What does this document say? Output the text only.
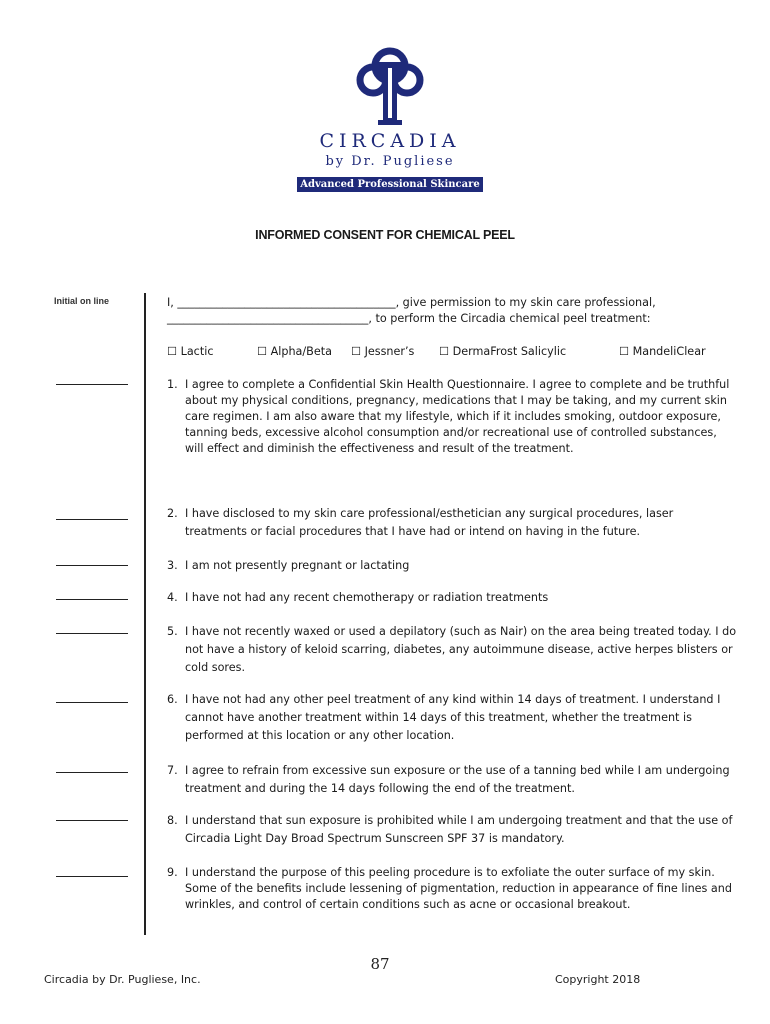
CIRCADIA
by Dr. Pugliese
Advanced Professional Skincare
INFORMED CONSENT FOR CHEMICAL PEEL
Initial on line	I, _______________________________________, give permission to my skin care professional,
____________________________________, to perform the Circadia chemical peel treatment:
☐ Lactic	☐ Alpha/Beta ☐ Jessner’s ☐ DermaFrost Salicylic	☐ MandeliClear
1. I agree to complete a Confidential Skin Health Questionnaire. I agree to complete and be truthful about my physical conditions, pregnancy, medications that I may be taking, and my current skin care regimen. I am also aware that my lifestyle, which if it includes smoking, outdoor exposure, tanning beds, excessive alcohol consumption and/or recreational use of controlled substances, will effect and diminish the effectiveness and result of the treatment.
2. I have disclosed to my skin care professional/esthetician any surgical procedures, laser treatments or facial procedures that I have had or intend on having in the future.
3. I am not presently pregnant or lactating
4. I have not had any recent chemotherapy or radiation treatments
5. I have not recently waxed or used a depilatory (such as Nair) on the area being treated today. I do not have a history of keloid scarring, diabetes, any autoimmune disease, active herpes blisters or cold sores.
6. I have not had any other peel treatment of any kind within 14 days of treatment. I understand I cannot have another treatment within 14 days of this treatment, whether the treatment is performed at this location or any other location.
7. I agree to refrain from excessive sun exposure or the use of a tanning bed while I am undergoing treatment and during the 14 days following the end of the treatment.
8. I understand that sun exposure is prohibited while I am undergoing treatment and that the use of Circadia Light Day Broad Spectrum Sunscreen SPF 37 is mandatory.
9. I understand the purpose of this peeling procedure is to exfoliate the outer surface of my skin. Some of the benefits include lessening of pigmentation, reduction in appearance of fine lines and wrinkles, and control of certain conditions such as acne or occasional breakout.
87
Circadia by Dr. Pugliese, Inc.	Copyright 2018
